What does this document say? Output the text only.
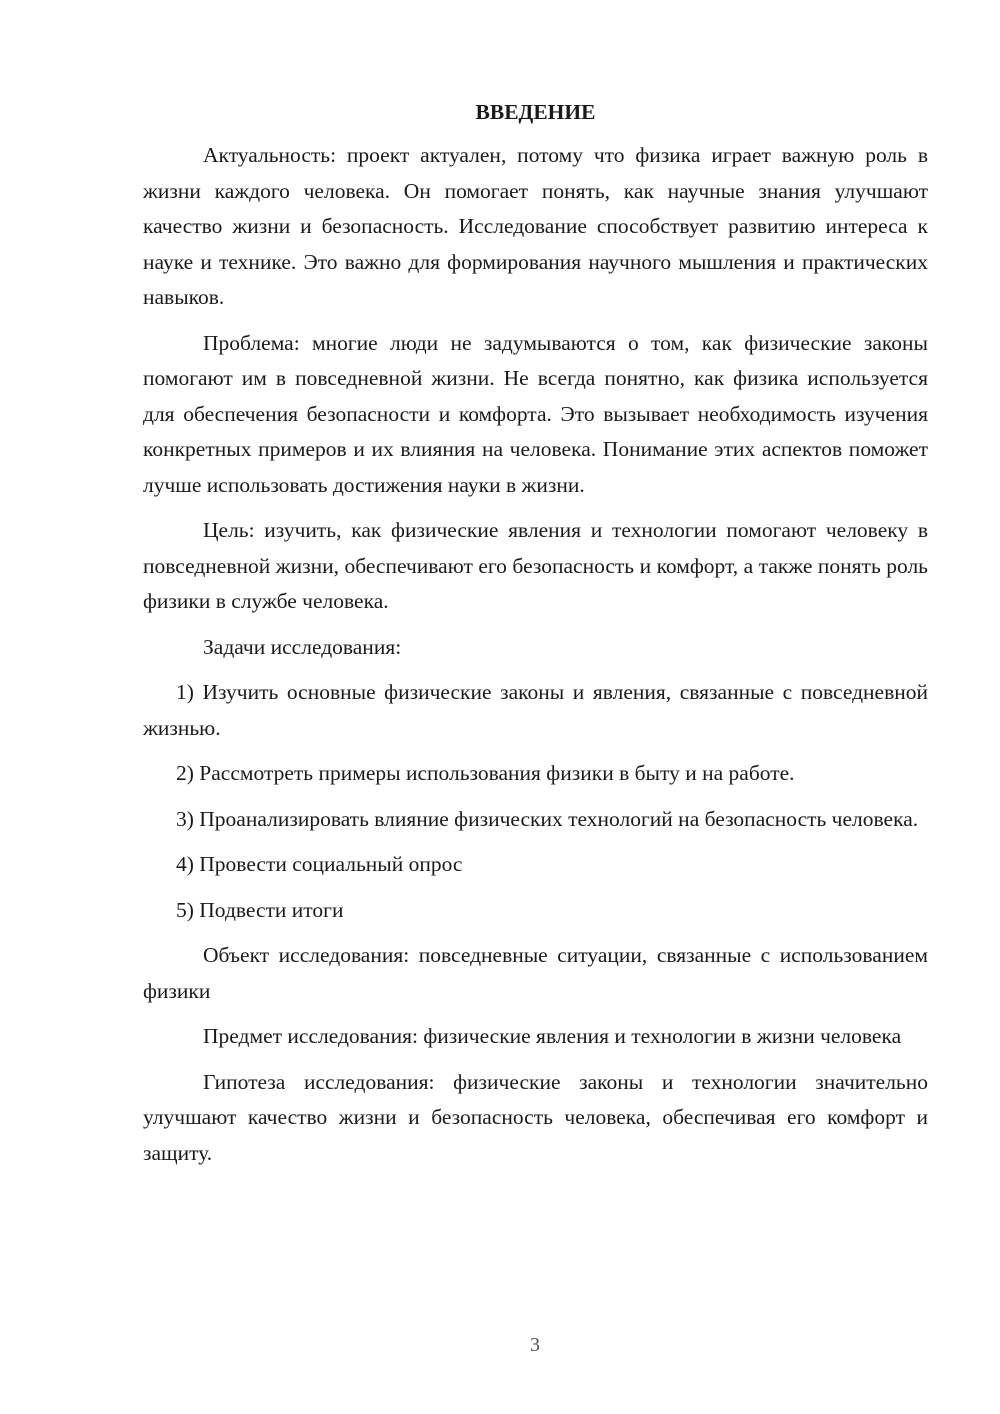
ВВЕДЕНИЕ

Актуальность: проект актуален, потому что физика играет важную роль в жизни каждого человека. Он помогает понять, как научные знания улучшают качество жизни и безопасность. Исследование способствует развитию интереса к науке и технике. Это важно для формирования научного мышления и практических навыков.

Проблема: многие люди не задумываются о том, как физические законы помогают им в повседневной жизни. Не всегда понятно, как физика используется для обеспечения безопасности и комфорта. Это вызывает необходимость изучения конкретных примеров и их влияния на человека. Понимание этих аспектов поможет лучше использовать достижения науки в жизни.

Цель: изучить, как физические явления и технологии помогают человеку в повседневной жизни, обеспечивают его безопасность и комфорт, а также понять роль физики в службе человека.

Задачи исследования:

1) Изучить основные физические законы и явления, связанные с повседневной жизнью.

2) Рассмотреть примеры использования физики в быту и на работе.

3) Проанализировать влияние физических технологий на безопасность человека.

4) Провести социальный опрос

5) Подвести итоги

Объект исследования: повседневные ситуации, связанные с использованием физики

Предмет исследования: физические явления и технологии в жизни человека

Гипотеза исследования: физические законы и технологии значительно улучшают качество жизни и безопасность человека, обеспечивая его комфорт и защиту.

3
